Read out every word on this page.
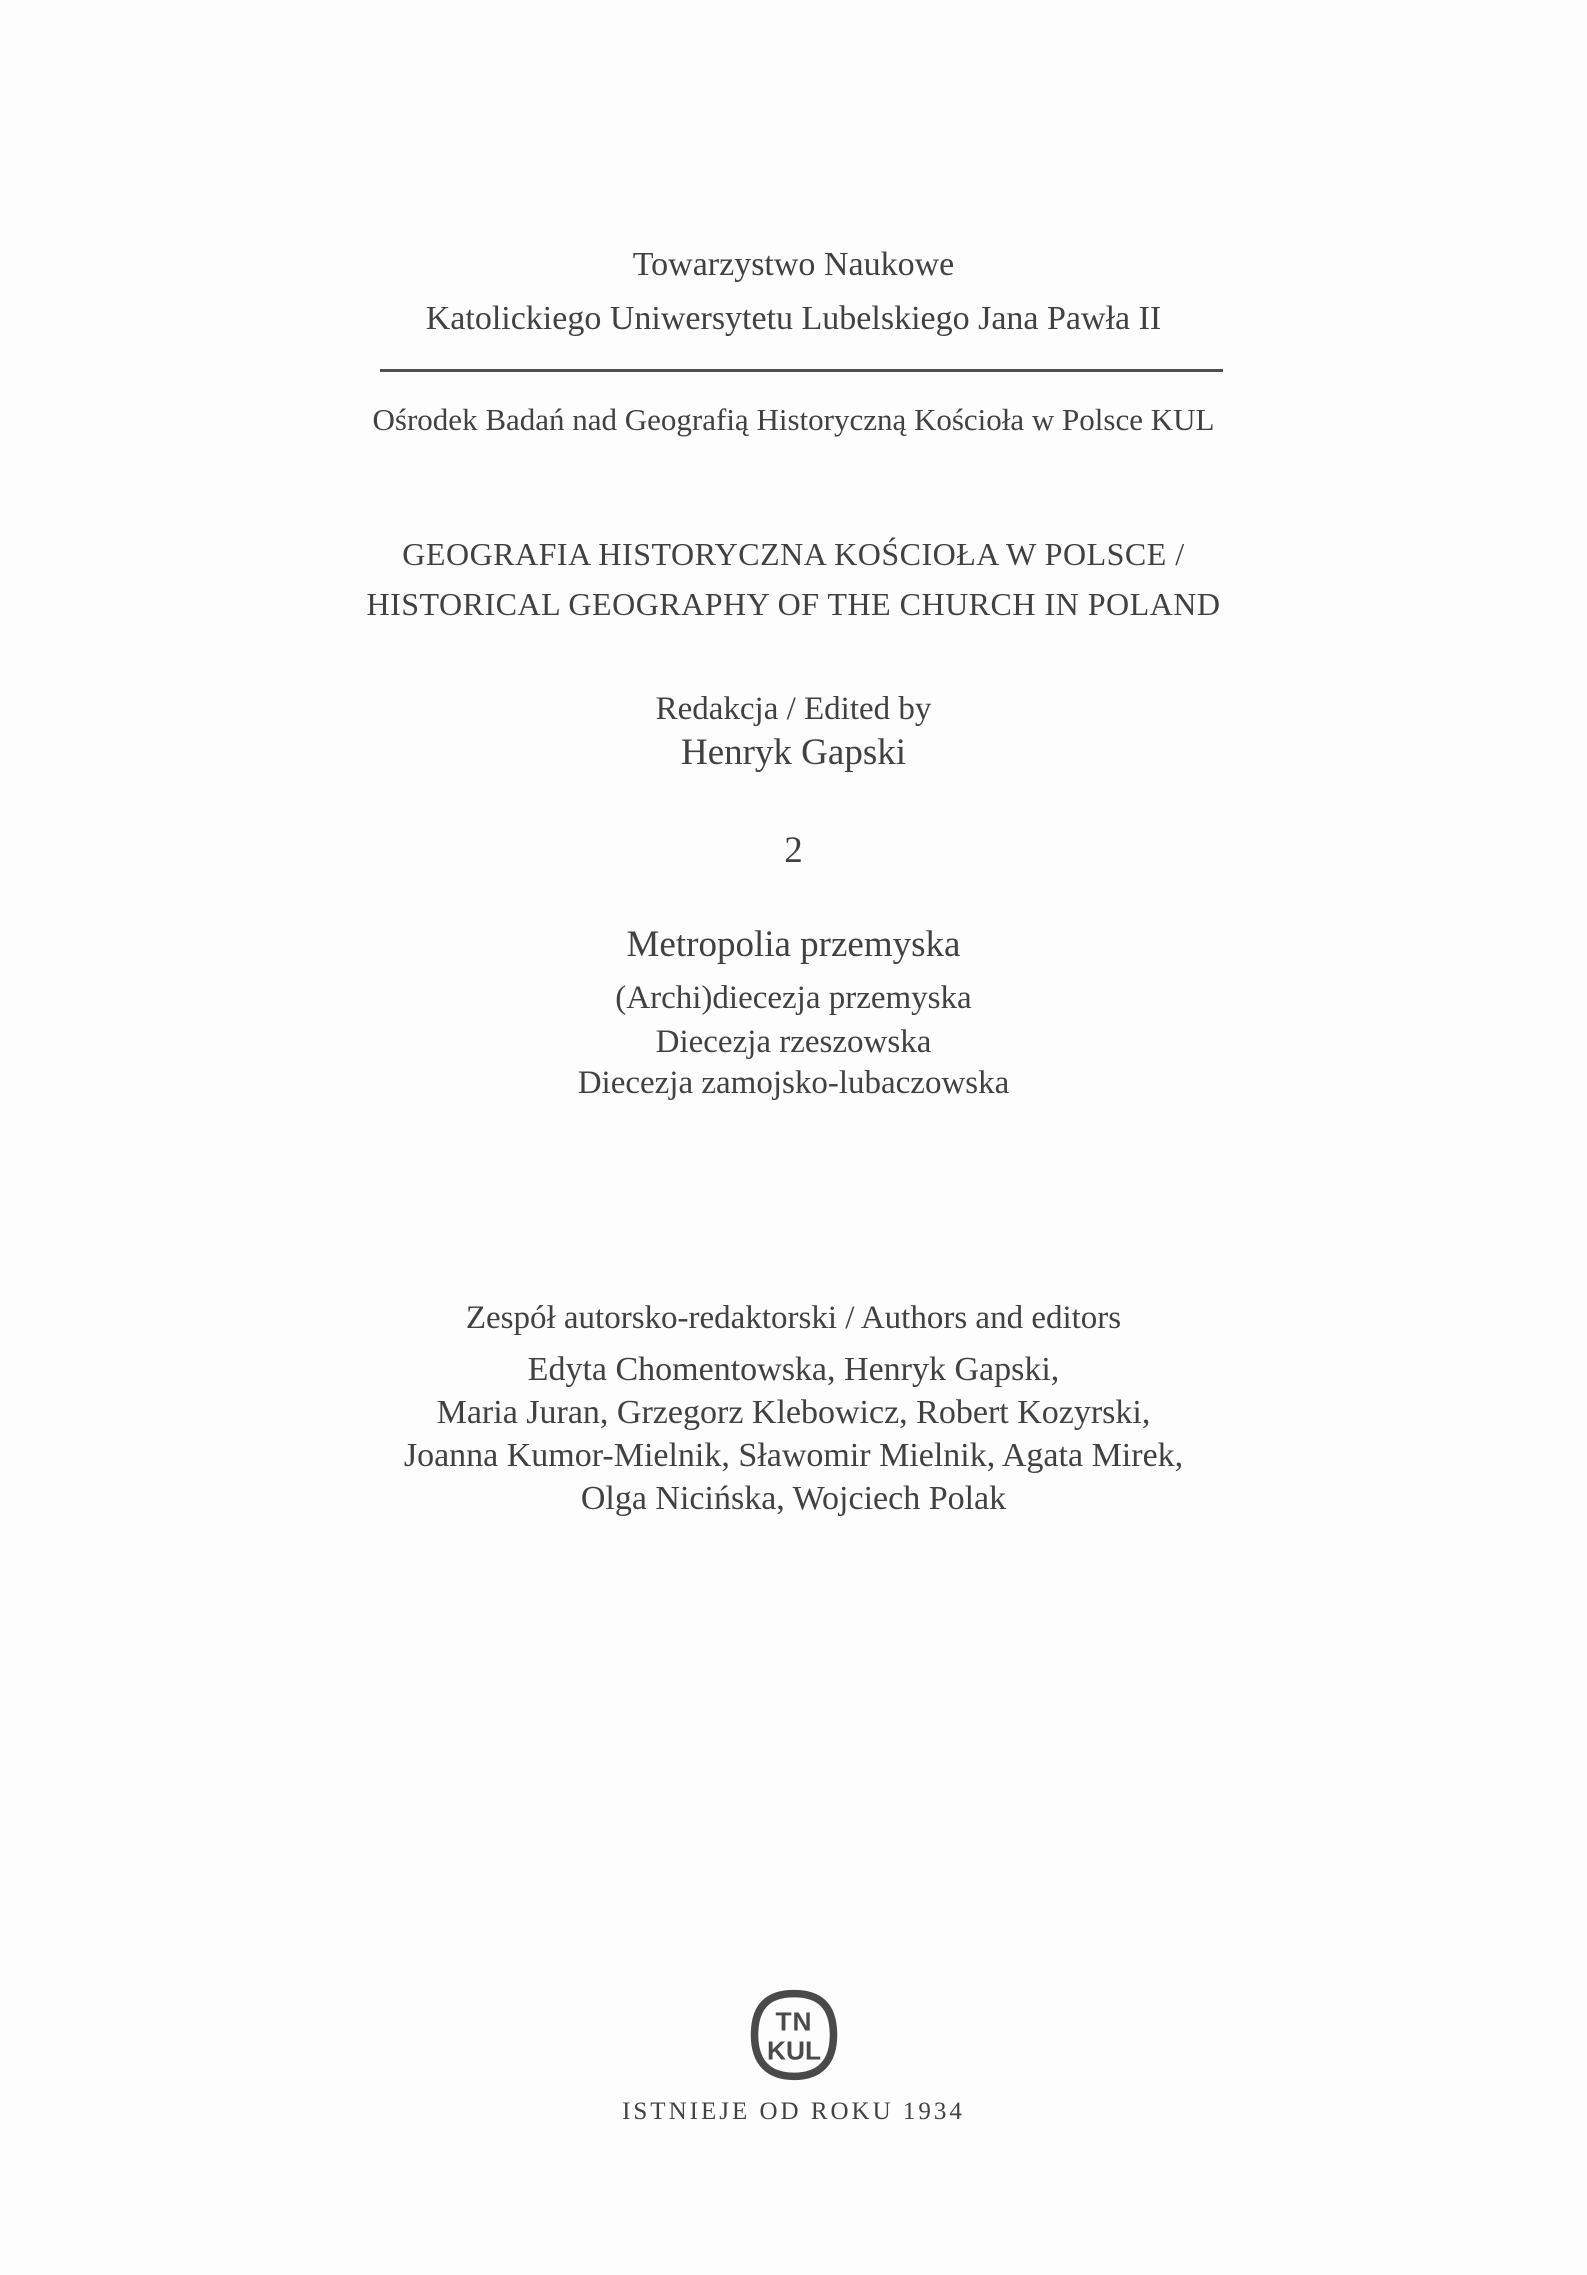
Towarzystwo Naukowe
Katolickiego Uniwersytetu Lubelskiego Jana Pawła II
Ośrodek Badań nad Geografią Historyczną Kościoła w Polsce KUL
GEOGRAFIA HISTORYCZNA KOŚCIOŁA W POLSCE /
HISTORICAL GEOGRAPHY OF THE CHURCH IN POLAND
Redakcja / Edited by
Henryk Gapski
2
Metropolia przemyska
(Archi)diecezja przemyska
Diecezja rzeszowska
Diecezja zamojsko-lubaczowska
Zespół autorsko-redaktorski / Authors and editors
Edyta Chomentowska, Henryk Gapski,
Maria Juran, Grzegorz Klebowicz, Robert Kozyrski,
Joanna Kumor-Mielnik, Sławomir Mielnik, Agata Mirek,
Olga Nicińska, Wojciech Polak
TN
KUL
ISTNIEJE OD ROKU 1934
